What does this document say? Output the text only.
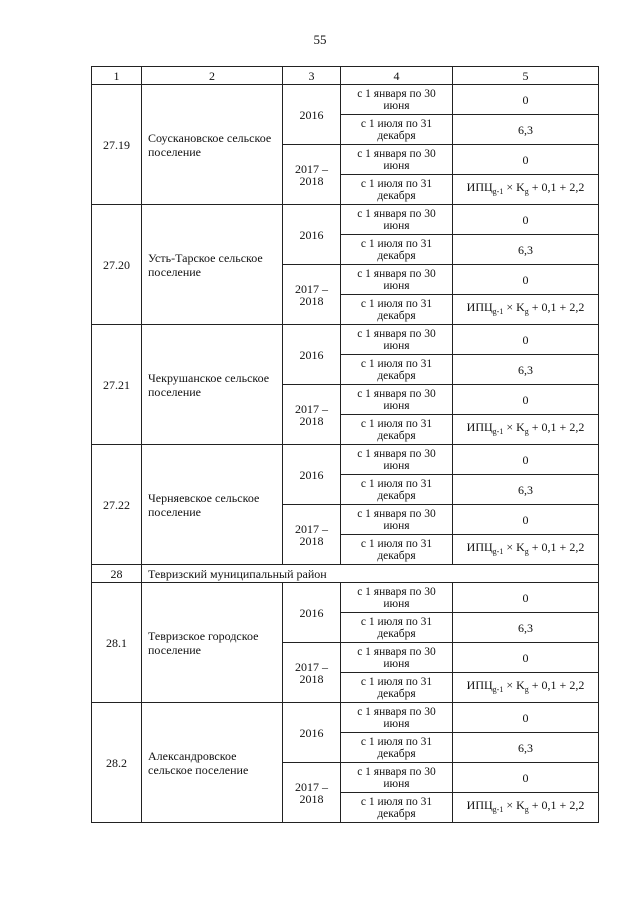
55
1	2	3	4	5
27.19	Соускановское сельское поселение	2016	с 1 января по 30 июня	0
			с 1 июля по 31 декабря	6,3
		2017 – 2018	с 1 января по 30 июня	0
			с 1 июля по 31 декабря	$ИПЦ_{g-1} \times K_g + 0,1 + 2,2$
27.20	Усть-Тарское сельское поселение	2016	с 1 января по 30 июня	0
			с 1 июля по 31 декабря	6,3
		2017 – 2018	с 1 января по 30 июня	0
			с 1 июля по 31 декабря	$ИПЦ_{g-1} \times K_g + 0,1 + 2,2$
27.21	Чекрушанское сельское поселение	2016	с 1 января по 30 июня	0
			с 1 июля по 31 декабря	6,3
		2017 – 2018	с 1 января по 30 июня	0
			с 1 июля по 31 декабря	$ИПЦ_{g-1} \times K_g + 0,1 + 2,2$
27.22	Черняевское сельское поселение	2016	с 1 января по 30 июня	0
			с 1 июля по 31 декабря	6,3
		2017 – 2018	с 1 января по 30 июня	0
			с 1 июля по 31 декабря	$ИПЦ_{g-1} \times K_g + 0,1 + 2,2$
28	Тевризский муниципальный район			
28.1	Тевризское городское поселение	2016	с 1 января по 30 июня	0
			с 1 июля по 31 декабря	6,3
		2017 – 2018	с 1 января по 30 июня	0
			с 1 июля по 31 декабря	$ИПЦ_{g-1} \times K_g + 0,1 + 2,2$
28.2	Александровское сельское поселение	2016	с 1 января по 30 июня	0
			с 1 июля по 31 декабря	6,3
		2017 – 2018	с 1 января по 30 июня	0
			с 1 июля по 31 декабря	$ИПЦ_{g-1} \times K_g + 0,1 + 2,2$
